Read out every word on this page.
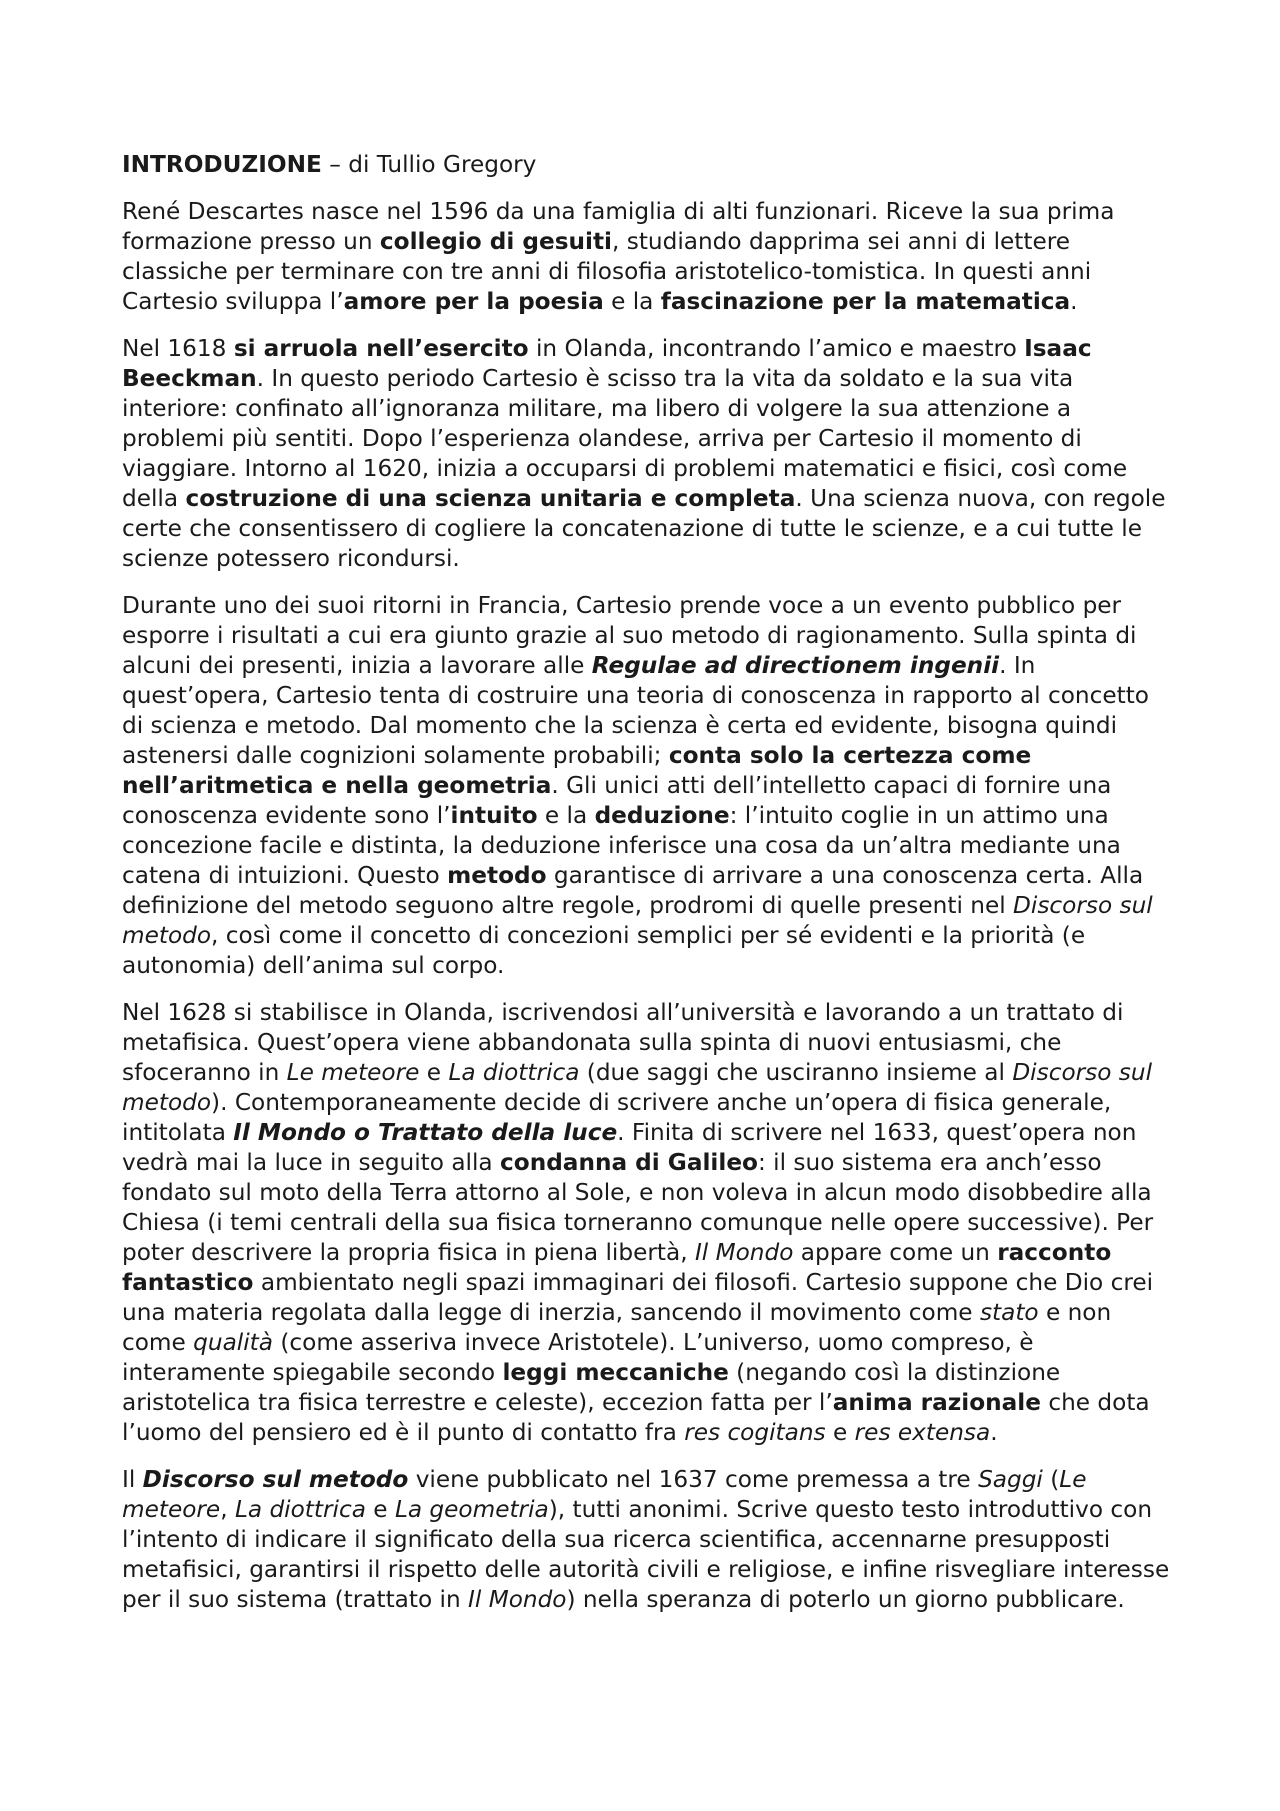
INTRODUZIONE – di Tullio Gregory

René Descartes nasce nel 1596 da una famiglia di alti funzionari. Riceve la sua prima formazione presso un collegio di gesuiti, studiando dapprima sei anni di lettere classiche per terminare con tre anni di filosofia aristotelico-tomistica. In questi anni Cartesio sviluppa l’amore per la poesia e la fascinazione per la matematica.

Nel 1618 si arruola nell’esercito in Olanda, incontrando l’amico e maestro Isaac Beeckman. In questo periodo Cartesio è scisso tra la vita da soldato e la sua vita interiore: confinato all’ignoranza militare, ma libero di volgere la sua attenzione a problemi più sentiti. Dopo l’esperienza olandese, arriva per Cartesio il momento di viaggiare. Intorno al 1620, inizia a occuparsi di problemi matematici e fisici, così come della costruzione di una scienza unitaria e completa. Una scienza nuova, con regole certe che consentissero di cogliere la concatenazione di tutte le scienze, e a cui tutte le scienze potessero ricondursi.

Durante uno dei suoi ritorni in Francia, Cartesio prende voce a un evento pubblico per esporre i risultati a cui era giunto grazie al suo metodo di ragionamento. Sulla spinta di alcuni dei presenti, inizia a lavorare alle Regulae ad directionem ingenii. In quest’opera, Cartesio tenta di costruire una teoria di conoscenza in rapporto al concetto di scienza e metodo. Dal momento che la scienza è certa ed evidente, bisogna quindi astenersi dalle cognizioni solamente probabili; conta solo la certezza come nell’aritmetica e nella geometria. Gli unici atti dell’intelletto capaci di fornire una conoscenza evidente sono l’intuito e la deduzione: l’intuito coglie in un attimo una concezione facile e distinta, la deduzione inferisce una cosa da un’altra mediante una catena di intuizioni. Questo metodo garantisce di arrivare a una conoscenza certa. Alla definizione del metodo seguono altre regole, prodromi di quelle presenti nel Discorso sul metodo, così come il concetto di concezioni semplici per sé evidenti e la priorità (e autonomia) dell’anima sul corpo.

Nel 1628 si stabilisce in Olanda, iscrivendosi all’università e lavorando a un trattato di metafisica. Quest’opera viene abbandonata sulla spinta di nuovi entusiasmi, che sfoceranno in Le meteore e La diottrica (due saggi che usciranno insieme al Discorso sul metodo). Contemporaneamente decide di scrivere anche un’opera di fisica generale, intitolata Il Mondo o Trattato della luce. Finita di scrivere nel 1633, quest’opera non vedrà mai la luce in seguito alla condanna di Galileo: il suo sistema era anch’esso fondato sul moto della Terra attorno al Sole, e non voleva in alcun modo disobbedire alla Chiesa (i temi centrali della sua fisica torneranno comunque nelle opere successive). Per poter descrivere la propria fisica in piena libertà, Il Mondo appare come un racconto fantastico ambientato negli spazi immaginari dei filosofi. Cartesio suppone che Dio crei una materia regolata dalla legge di inerzia, sancendo il movimento come stato e non come qualità (come asseriva invece Aristotele). L’universo, uomo compreso, è interamente spiegabile secondo leggi meccaniche (negando così la distinzione aristotelica tra fisica terrestre e celeste), eccezion fatta per l’anima razionale che dota l’uomo del pensiero ed è il punto di contatto fra res cogitans e res extensa.

Il Discorso sul metodo viene pubblicato nel 1637 come premessa a tre Saggi (Le meteore, La diottrica e La geometria), tutti anonimi. Scrive questo testo introduttivo con l’intento di indicare il significato della sua ricerca scientifica, accennarne presupposti metafisici, garantirsi il rispetto delle autorità civili e religiose, e infine risvegliare interesse per il suo sistema (trattato in Il Mondo) nella speranza di poterlo un giorno pubblicare.
